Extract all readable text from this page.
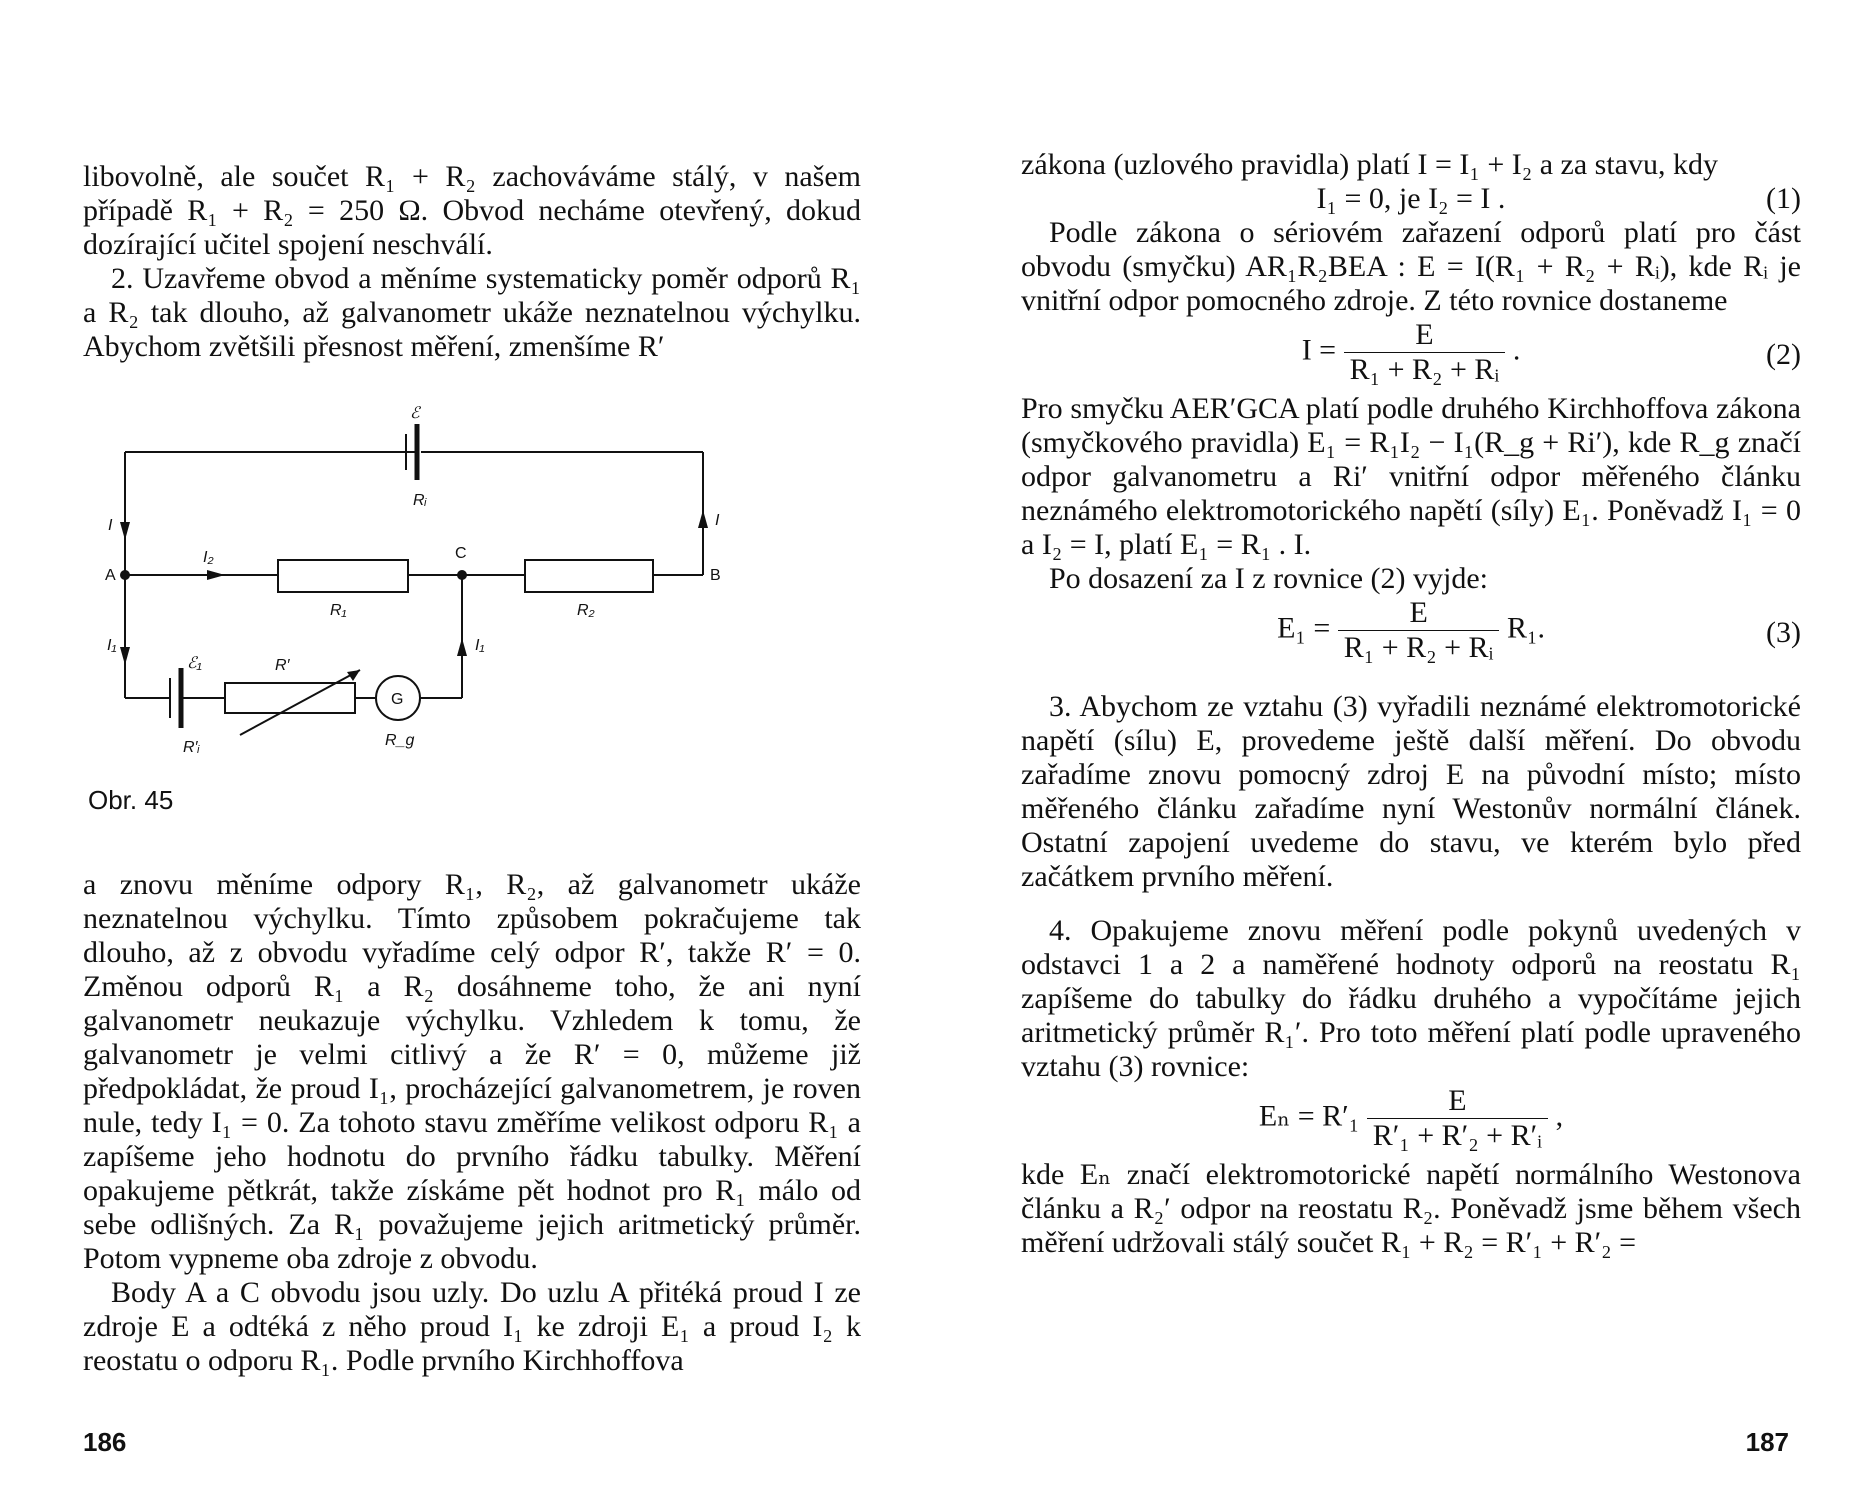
libovolně, ale součet R₁ + R₂ zachováváme stálý, v našem případě R₁ + R₂ = 250 Ω. Obvod necháme otevřený, dokud dozírající učitel spojení neschválí.

2. Uzavřeme obvod a měníme systematicky poměr odporů R₁ a R₂ tak dlouho, až galvanometr ukáže neznatelnou výchylku. Abychom zvětšili přesnost měření, zmenšíme R′

ℰ
Rᵢ
I	I
A	B
C
I₂
R₁	R₂
I₁	I₁
ℰ₁	R′
G
R′ᵢ	R_g
Obr. 45

a znovu měníme odpory R₁, R₂, až galvanometr ukáže neznatelnou výchylku. Tímto způsobem pokračujeme tak dlouho, až z obvodu vyřadíme celý odpor R′, takže R′ = 0. Změnou odporů R₁ a R₂ dosáhneme toho, že ani nyní galvanometr neukazuje výchylku. Vzhledem k tomu, že galvanometr je velmi citlivý a že R′ = 0, můžeme již předpokládat, že proud I₁, procházející galvanometrem, je roven nule, tedy I₁ = 0. Za tohoto stavu změříme velikost odporu R₁ a zapíšeme jeho hodnotu do prvního řádku tabulky. Měření opakujeme pětkrát, takže získáme pět hodnot pro R₁ málo od sebe odlišných. Za R₁ považujeme jejich aritmetický průměr. Potom vypneme oba zdroje z obvodu.

Body A a C obvodu jsou uzly. Do uzlu A přitéká proud I ze zdroje E a odtéká z něho proud I₁ ke zdroji E₁ a proud I₂ k reostatu o odporu R₁. Podle prvního Kirchhoffova

186

zákona (uzlového pravidla) platí I = I₁ + I₂ a za stavu, kdy

I₁ = 0, je I₂ = I .	(1)

Podle zákona o sériovém zařazení odporů platí pro část obvodu (smyčku) AR₁R₂BEA : E = I(R₁ + R₂ + Rᵢ), kde Rᵢ je vnitřní odpor pomocného zdroje. Z této rovnice dostaneme

$I = \frac{E}{\text{R₁ + R₂ + Rᵢ}}$ .	(2)

Pro smyčku AER′GCA platí podle druhého Kirchhoffova zákona (smyčkového pravidla) E₁ = R₁I₂ − I₁(R_g + Ri′), kde R_g značí odpor galvanometru a Ri′ vnitřní odpor měřeného článku neznámého elektromotorického napětí (síly) E₁. Poněvadž I₁ = 0 a I₂ = I, platí E₁ = R₁ . I.

Po dosazení za I z rovnice (2) vyjde:

$E_1 = \frac{E}{\text{R₁ + R₂ + Rᵢ}} R_1$.	(3)

3. Abychom ze vztahu (3) vyřadili neznámé elektromotorické napětí (sílu) E, provedeme ještě další měření. Do obvodu zařadíme znovu pomocný zdroj E na původní místo; místo měřeného článku zařadíme nyní Westonův normální článek. Ostatní zapojení uvedeme do stavu, ve kterém bylo před začátkem prvního měření.

4. Opakujeme znovu měření podle pokynů uvedených v odstavci 1 a 2 a naměřené hodnoty odporů na reostatu R₁ zapíšeme do tabulky do řádku druhého a vypočítáme jejich aritmetický průměr R₁′. Pro toto měření platí podle upraveného vztahu (3) rovnice:

$E_n = R'_1 \frac{E}{\text{R′₁ + R′₂ + R′ᵢ}}$ ,

kde Eₙ značí elektromotorické napětí normálního Westonova článku a R₂′ odpor na reostatu R₂. Poněvadž jsme během všech měření udržovali stálý součet R₁ + R₂ = R′₁ + R′₂ =

187
